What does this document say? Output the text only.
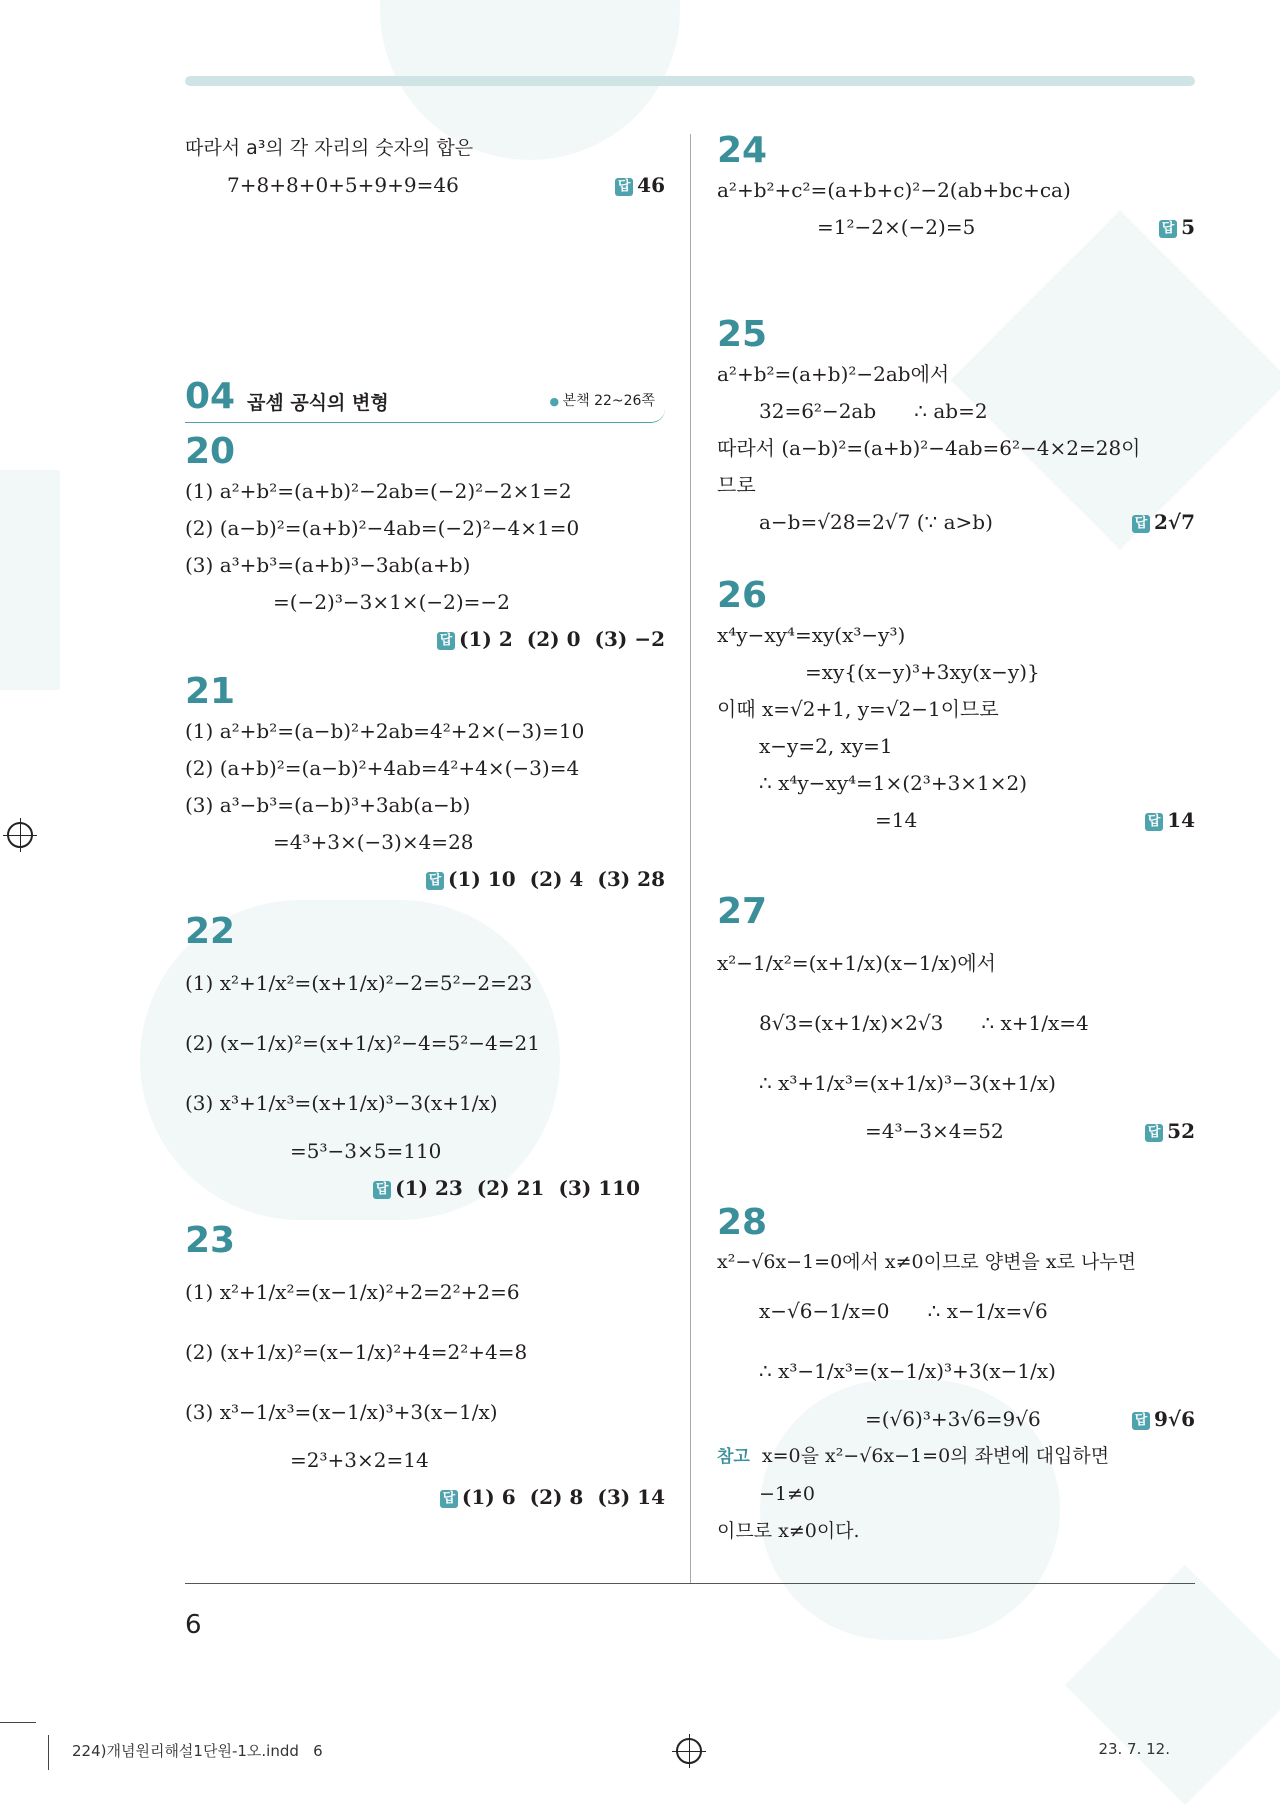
따라서 a³의 각 자리의 숫자의 합은
7+8+8+0+5+9+9=46	답 46
04 곱셈 공식의 변형
●	본책 22~26쪽
20
(1) a²+b²=(a+b)²−2ab=(−2)²−2×1=2
(2) (a−b)²=(a+b)²−4ab=(−2)²−4×1=0
(3) a³+b³=(a+b)³−3ab(a+b)
=(−2)³−3×1×(−2)=−2
답 (1) 2 (2) 0 (3) −2
21
(1) a²+b²=(a−b)²+2ab=4²+2×(−3)=10
(2) (a+b)²=(a−b)²+4ab=4²+4×(−3)=4
(3) a³−b³=(a−b)³+3ab(a−b)
=4³+3×(−3)×4=28
답 (1) 10 (2) 4 (3) 28
22
(1) x²+1/x²=(x+1/x)²−2=5²−2=23
(2) (x−1/x)²=(x+1/x)²−4=5²−4=21
(3) x³+1/x³=(x+1/x)³−3(x+1/x)
=5³−3×5=110
답 (1) 23 (2) 21 (3) 110
23
(1) x²+1/x²=(x−1/x)²+2=2²+2=6
(2) (x+1/x)²=(x−1/x)²+4=2²+4=8
(3) x³−1/x³=(x−1/x)³+3(x−1/x)
=2³+3×2=14
답 (1) 6 (2) 8 (3) 14
24
a²+b²+c²=(a+b+c)²−2(ab+bc+ca)
=1²−2×(−2)=5	답 5
25
a²+b²=(a+b)²−2ab에서
32=6²−2ab      ∴ ab=2
따라서 (a−b)²=(a+b)²−4ab=6²−4×2=28이
므로
a−b=√28=2√7 (∵ a>b)	답 2√7
26
x⁴y−xy⁴=xy(x³−y³)
=xy{(x−y)³+3xy(x−y)}
이때 x=√2+1, y=√2−1이므로
x−y=2, xy=1
∴ x⁴y−xy⁴=1×(2³+3×1×2)
=14	답 14
27
x²−1/x²=(x+1/x)(x−1/x)에서
8√3=(x+1/x)×2√3      ∴ x+1/x=4
∴ x³+1/x³=(x+1/x)³−3(x+1/x)
=4³−3×4=52	답 52
28
x²−√6x−1=0에서 x≠0이므로 양변을 x로 나누면
x−√6−1/x=0      ∴ x−1/x=√6
∴ x³−1/x³=(x−1/x)³+3(x−1/x)
=(√6)³+3√6=9√6	답 9√6
참고 x=0을 x²−√6x−1=0의 좌변에 대입하면
−1≠0
이므로 x≠0이다.
6
224)개념원리해설1단원-1오.indd   6	23. 7. 12.
